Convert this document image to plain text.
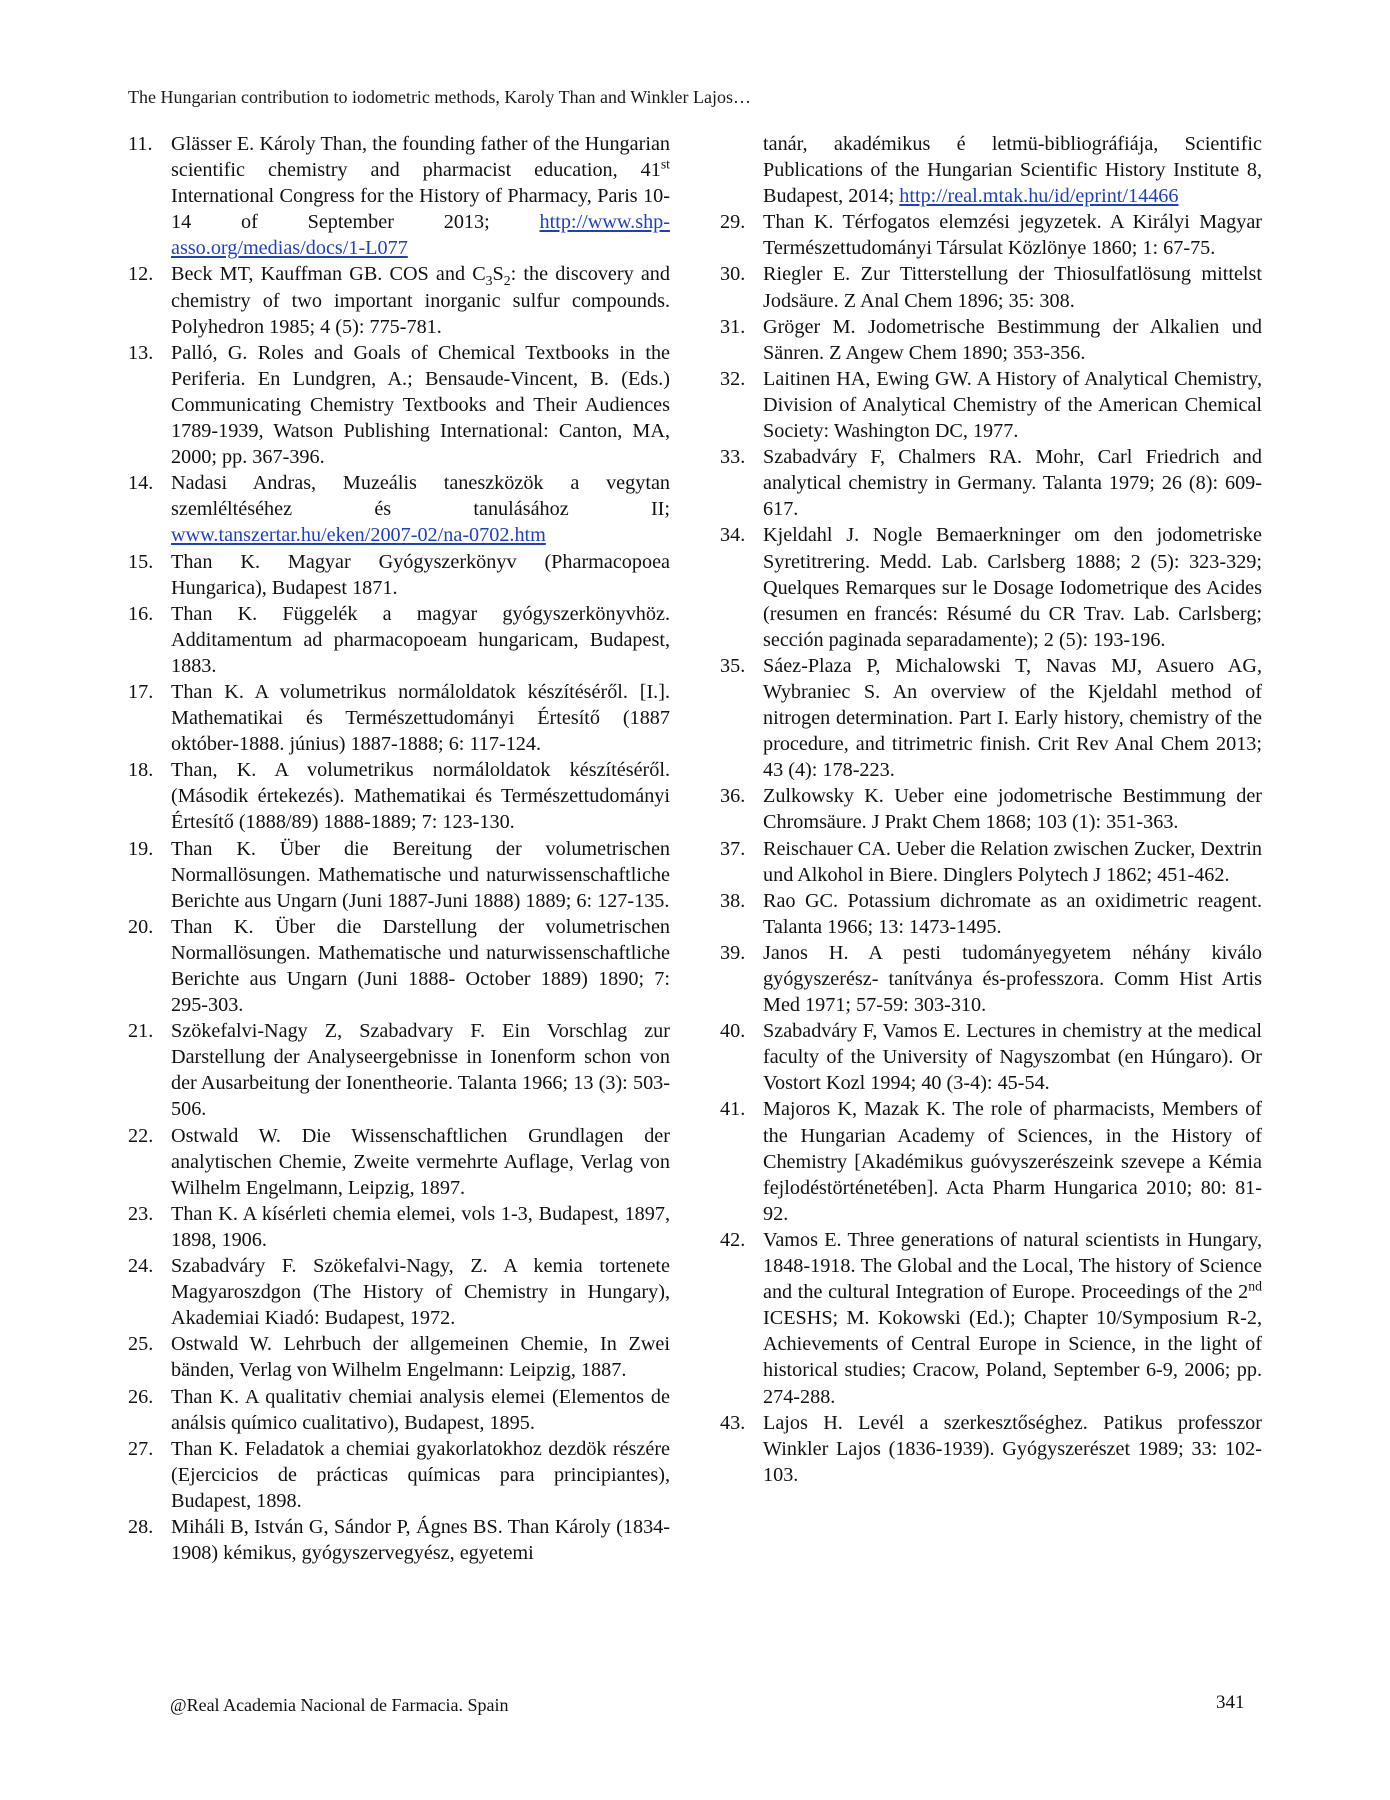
The Hungarian contribution to iodometric methods, Karoly Than and Winkler Lajos…
11. Glässer E. Károly Than, the founding father of the Hungarian scientific chemistry and pharmacist education, 41st International Congress for the History of Pharmacy, Paris 10-14 of September 2013; http://www.shp-asso.org/medias/docs/1-L077
12. Beck MT, Kauffman GB. COS and $C_3S_2$: the discovery and chemistry of two important inorganic sulfur compounds. Polyhedron 1985; 4 (5): 775-781.
13. Palló, G. Roles and Goals of Chemical Textbooks in the Periferia. En Lundgren, A.; Bensaude-Vincent, B. (Eds.) Communicating Chemistry Textbooks and Their Audiences 1789-1939, Watson Publishing International: Canton, MA, 2000; pp. 367-396.
14. Nadasi Andras, Muzeális taneszközök a vegytan szemléltéséhez és tanulásához II; www.tanszertar.hu/eken/2007-02/na-0702.htm
15. Than K. Magyar Gyógyszerkönyv (Pharmacopoea Hungarica), Budapest 1871.
16. Than K. Függelék a magyar gyógyszerkönyvhöz. Additamentum ad pharmacopoeam hungaricam, Budapest, 1883.
17. Than K. A volumetrikus normáloldatok készítéséről. [I.]. Mathematikai és Természettudományi Értesítő (1887 október-1888. június) 1887-1888; 6: 117-124.
18. Than, K. A volumetrikus normáloldatok készítéséről. (Második értekezés). Mathematikai és Természettudományi Értesítő (1888/89) 1888-1889; 7: 123-130.
19. Than K. Über die Bereitung der volumetrischen Normallösungen. Mathematische und naturwissenschaftliche Berichte aus Ungarn (Juni 1887-Juni 1888) 1889; 6: 127-135.
20. Than K. Über die Darstellung der volumetrischen Normallösungen. Mathematische und naturwissenschaftliche Berichte aus Ungarn (Juni 1888- October 1889) 1890; 7: 295-303.
21. Szökefalvi-Nagy Z, Szabadvary F. Ein Vorschlag zur Darstellung der Analyseergebnisse in Ionenform schon von der Ausarbeitung der Ionentheorie. Talanta 1966; 13 (3): 503-506.
22. Ostwald W. Die Wissenschaftlichen Grundlagen der analytischen Chemie, Zweite vermehrte Auflage, Verlag von Wilhelm Engelmann, Leipzig, 1897.
23. Than K. A kísérleti chemia elemei, vols 1-3, Budapest, 1897, 1898, 1906.
24. Szabadváry F. Szökefalvi-Nagy, Z. A kemia tortenete Magyaroszdgon (The History of Chemistry in Hungary), Akademiai Kiadó: Budapest, 1972.
25. Ostwald W. Lehrbuch der allgemeinen Chemie, In Zwei bänden, Verlag von Wilhelm Engelmann: Leipzig, 1887.
26. Than K. A qualitativ chemiai analysis elemei (Elementos de análsis químico cualitativo), Budapest, 1895.
27. Than K. Feladatok a chemiai gyakorlatokhoz dezdök részére (Ejercicios de prácticas químicas para principiantes), Budapest, 1898.
28. Miháli B, István G, Sándor P, Ágnes BS. Than Károly (1834-1908) kémikus, gyógyszervegyész, egyetemi
tanár, akadémikus é letmü-bibliográfiája, Scientific Publications of the Hungarian Scientific History Institute 8, Budapest, 2014; http://real.mtak.hu/id/eprint/14466
29. Than K. Térfogatos elemzési jegyzetek. A Királyi Magyar Természettudományi Társulat Közlönye 1860; 1: 67-75.
30. Riegler E. Zur Titterstellung der Thiosulfatlösung mittelst Jodsäure. Z Anal Chem 1896; 35: 308.
31. Gröger M. Jodometrische Bestimmung der Alkalien und Sänren. Z Angew Chem 1890; 353-356.
32. Laitinen HA, Ewing GW. A History of Analytical Chemistry, Division of Analytical Chemistry of the American Chemical Society: Washington DC, 1977.
33. Szabadváry F, Chalmers RA. Mohr, Carl Friedrich and analytical chemistry in Germany. Talanta 1979; 26 (8): 609-617.
34. Kjeldahl J. Nogle Bemaerkninger om den jodometriske Syretitrering. Medd. Lab. Carlsberg 1888; 2 (5): 323-329; Quelques Remarques sur le Dosage Iodometrique des Acides (resumen en francés: Résumé du CR Trav. Lab. Carlsberg; sección paginada separadamente); 2 (5): 193-196.
35. Sáez-Plaza P, Michalowski T, Navas MJ, Asuero AG, Wybraniec S. An overview of the Kjeldahl method of nitrogen determination. Part I. Early history, chemistry of the procedure, and titrimetric finish. Crit Rev Anal Chem 2013; 43 (4): 178-223.
36. Zulkowsky K. Ueber eine jodometrische Bestimmung der Chromsäure. J Prakt Chem 1868; 103 (1): 351-363.
37. Reischauer CA. Ueber die Relation zwischen Zucker, Dextrin und Alkohol in Biere. Dinglers Polytech J 1862; 451-462.
38. Rao GC. Potassium dichromate as an oxidimetric reagent. Talanta 1966; 13: 1473-1495.
39. Janos H. A pesti tudományegyetem néhány kiválo gyógyszerész- tanítványa és-professzora. Comm Hist Artis Med 1971; 57-59: 303-310.
40. Szabadváry F, Vamos E. Lectures in chemistry at the medical faculty of the University of Nagyszombat (en Húngaro). Or Vostort Kozl 1994; 40 (3-4): 45-54.
41. Majoros K, Mazak K. The role of pharmacists, Members of the Hungarian Academy of Sciences, in the History of Chemistry [Akadémikus guóvyszerészeink szevepe a Kémia fejlodéstörténetében]. Acta Pharm Hungarica 2010; 80: 81-92.
42. Vamos E. Three generations of natural scientists in Hungary, 1848-1918. The Global and the Local, The history of Science and the cultural Integration of Europe. Proceedings of the 2nd ICESHS; M. Kokowski (Ed.); Chapter 10/Symposium R-2, Achievements of Central Europe in Science, in the light of historical studies; Cracow, Poland, September 6-9, 2006; pp. 274-288.
43. Lajos H. Levél a szerkesztőséghez. Patikus professzor Winkler Lajos (1836-1939). Gyógyszerészet 1989; 33: 102-103.
@Real Academia Nacional de Farmacia. Spain	341
